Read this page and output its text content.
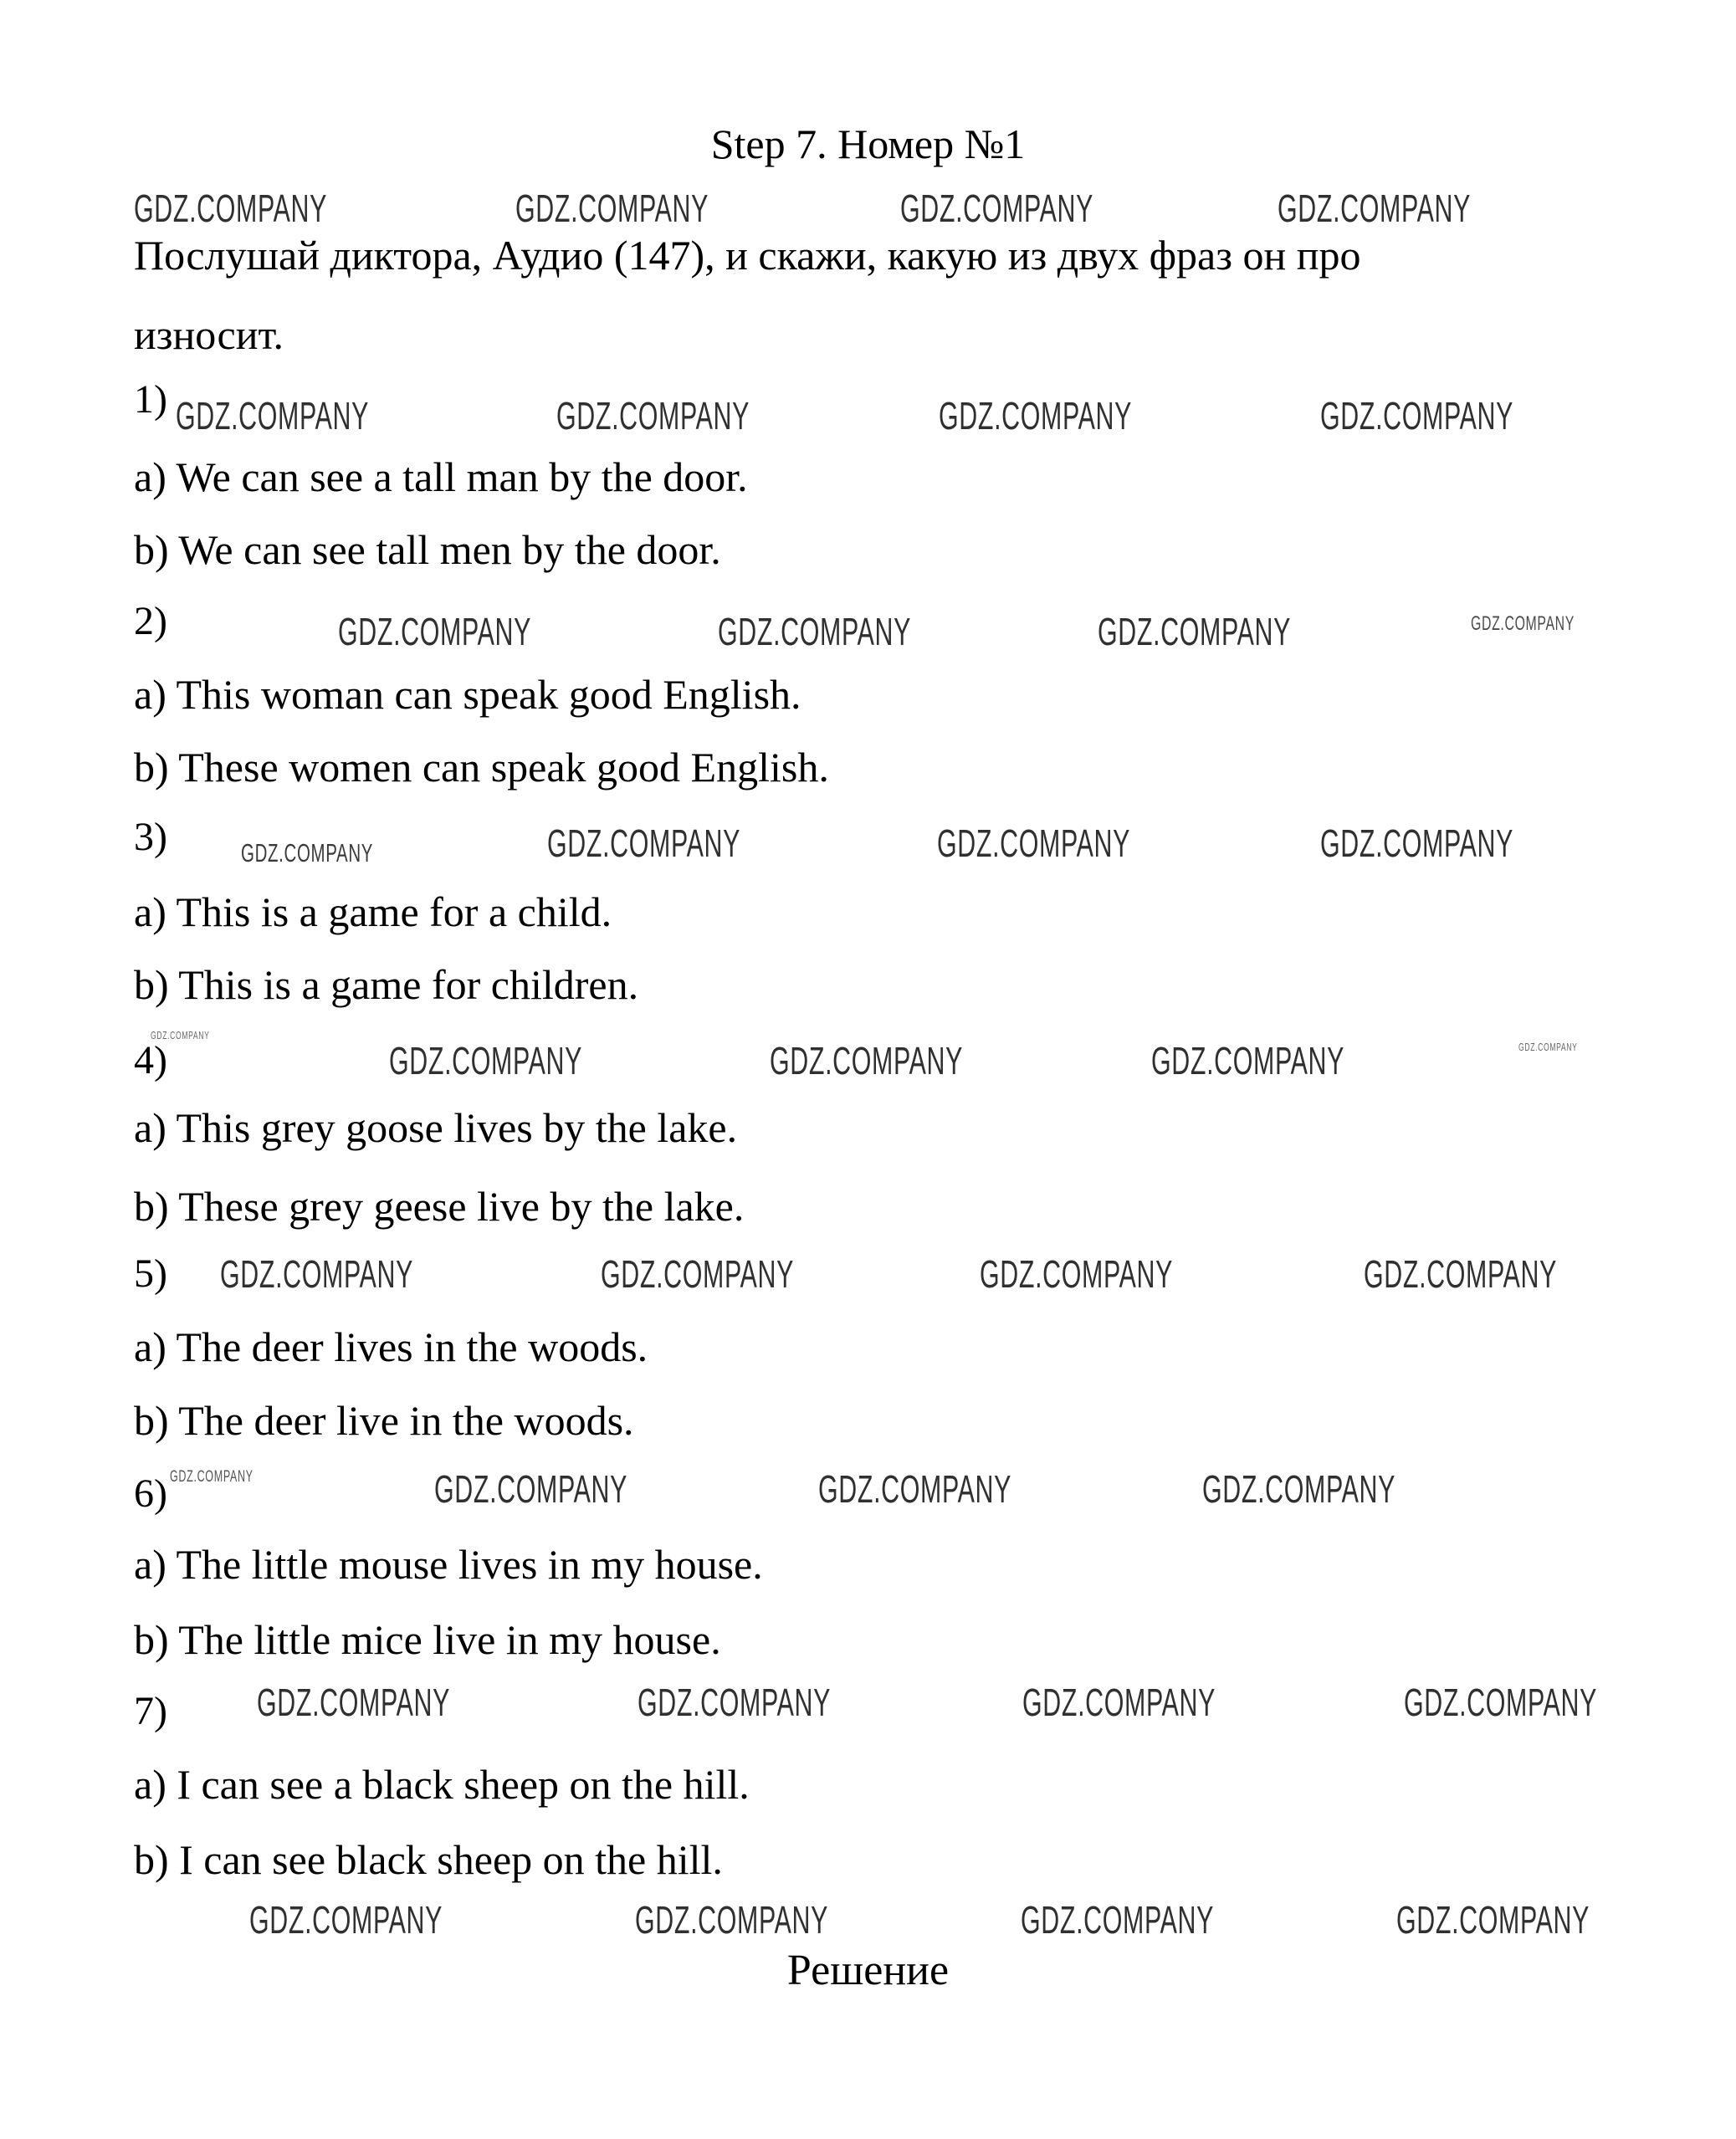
Step 7. Номер №1
GDZ.COMPANY	GDZ.COMPANY	GDZ.COMPANY	GDZ.COMPANY
Послушай диктора, Аудио (147), и скажи, какую из двух фраз он про
износит.
1) GDZ.COMPANY	GDZ.COMPANY	GDZ.COMPANY	GDZ.COMPANY
a) We can see a tall man by the door.
b) We can see tall men by the door.
2)	GDZ.COMPANY	GDZ.COMPANY	GDZ.COMPANY	GDZ.COMPANY
a) This woman can speak good English.
b) These women can speak good English.
3)	GDZ.COMPANY	GDZ.COMPANY	GDZ.COMPANY	GDZ.COMPANY
a) This is a game for a child.
b) This is a game for children.
GDZ.COMPANY
4)	GDZ.COMPANY	GDZ.COMPANY	GDZ.COMPANY	GDZ.COMPANY
a) This grey goose lives by the lake.
b) These grey geese live by the lake.
5) GDZ.COMPANY	GDZ.COMPANY	GDZ.COMPANY	GDZ.COMPANY
a) The deer lives in the woods.
b) The deer live in the woods.
6) GDZ.COMPANY	GDZ.COMPANY	GDZ.COMPANY	GDZ.COMPANY
a) The little mouse lives in my house.
b) The little mice live in my house.
7) GDZ.COMPANY	GDZ.COMPANY	GDZ.COMPANY	GDZ.COMPANY
a) I can see a black sheep on the hill.
b) I can see black sheep on the hill.
GDZ.COMPANY	GDZ.COMPANY	GDZ.COMPANY	GDZ.COMPANY
Решение
